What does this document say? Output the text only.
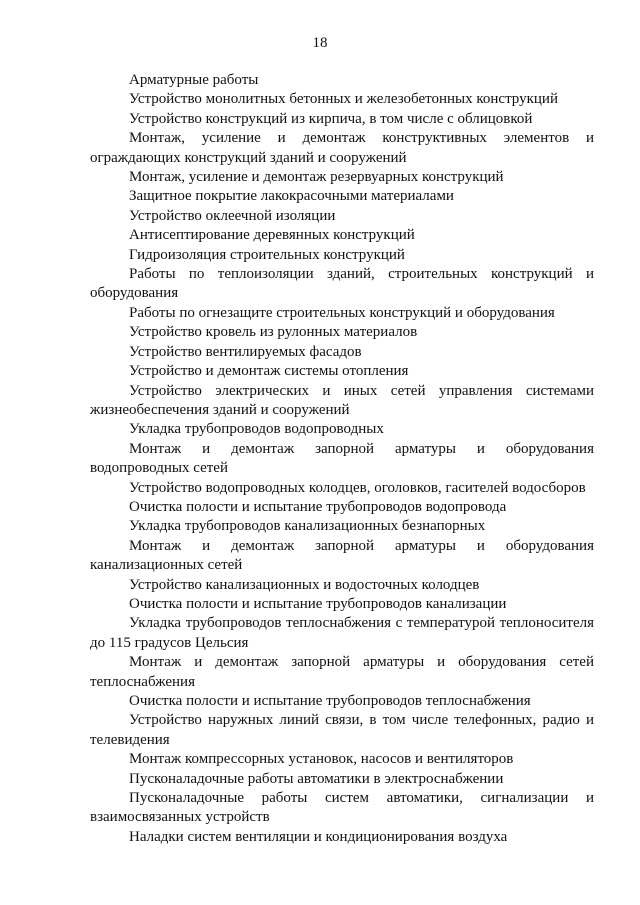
18

Арматурные работы

Устройство монолитных бетонных и железобетонных конструкций

Устройство конструкций из кирпича, в том числе с облицовкой

Монтаж, усиление и демонтаж конструктивных элементов и ограждающих конструкций зданий и сооружений

Монтаж, усиление и демонтаж резервуарных конструкций

Защитное покрытие лакокрасочными материалами

Устройство оклеечной изоляции

Антисептирование деревянных конструкций

Гидроизоляция строительных конструкций

Работы по теплоизоляции зданий, строительных конструкций и оборудования

Работы по огнезащите строительных конструкций и оборудования

Устройство кровель из рулонных материалов

Устройство вентилируемых фасадов

Устройство и демонтаж системы отопления

Устройство электрических и иных сетей управления системами жизнеобеспечения зданий и сооружений

Укладка трубопроводов водопроводных

Монтаж и демонтаж запорной арматуры и оборудования водопроводных сетей

Устройство водопроводных колодцев, оголовков, гасителей водосборов

Очистка полости и испытание трубопроводов водопровода

Укладка трубопроводов канализационных безнапорных

Монтаж и демонтаж запорной арматуры и оборудования канализационных сетей

Устройство канализационных и водосточных колодцев

Очистка полости и испытание трубопроводов канализации

Укладка трубопроводов теплоснабжения с температурой теплоносителя до 115 градусов Цельсия

Монтаж и демонтаж запорной арматуры и оборудования сетей теплоснабжения

Очистка полости и испытание трубопроводов теплоснабжения

Устройство наружных линий связи, в том числе телефонных, радио и телевидения

Монтаж компрессорных установок, насосов и вентиляторов

Пусконаладочные работы автоматики в электроснабжении

Пусконаладочные работы систем автоматики, сигнализации и взаимосвязанных устройств

Наладки систем вентиляции и кондиционирования воздуха
